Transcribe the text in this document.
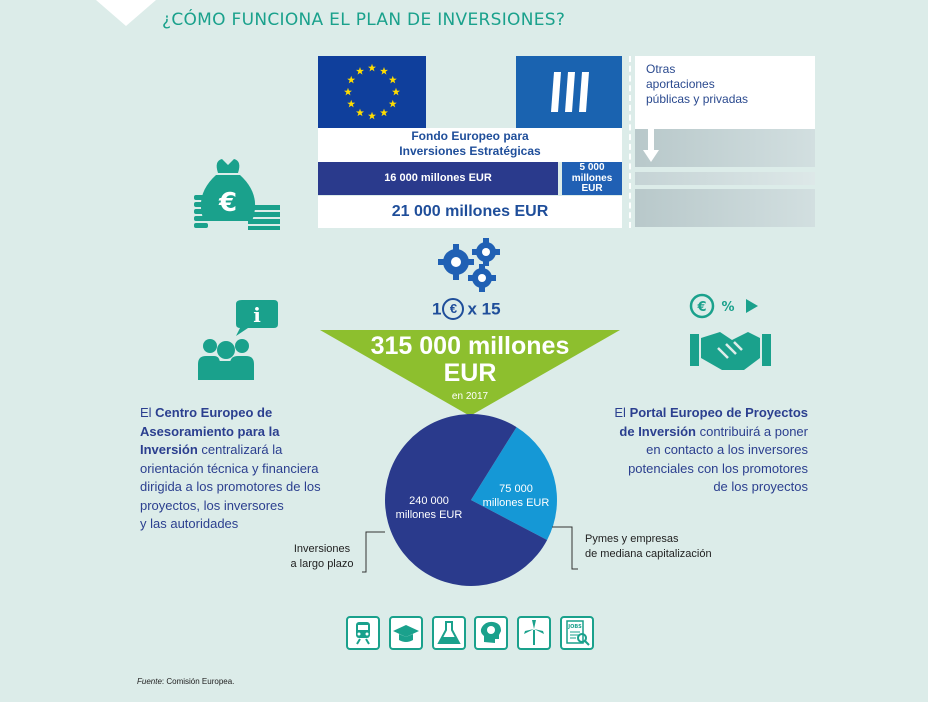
¿CÓMO FUNCIONA EL PLAN DE INVERSIONES?
Fondo Europeo para
Inversiones Estratégicas
16 000 millones EUR
5 000
millones
EUR
21 000 millones EUR
Otras
aportaciones
públicas y privadas
€
1 € x 15
315 000 millones
EUR
en 2017
240 000
millones EUR
75 000
millones EUR
Inversiones
a largo plazo
Pymes y empresas
de mediana capitalización
i
El Centro Europeo de
Asesoramiento para la
Inversión centralizará la
orientación técnica y financiera
dirigida a los promotores de los
proyectos, los inversores
y las autoridades
€ %
El Portal Europeo de Proyectos
de Inversión contribuirá a poner
en contacto a los inversores
potenciales con los promotores
de los proyectos
JOBS
Fuente: Comisión Europea.
